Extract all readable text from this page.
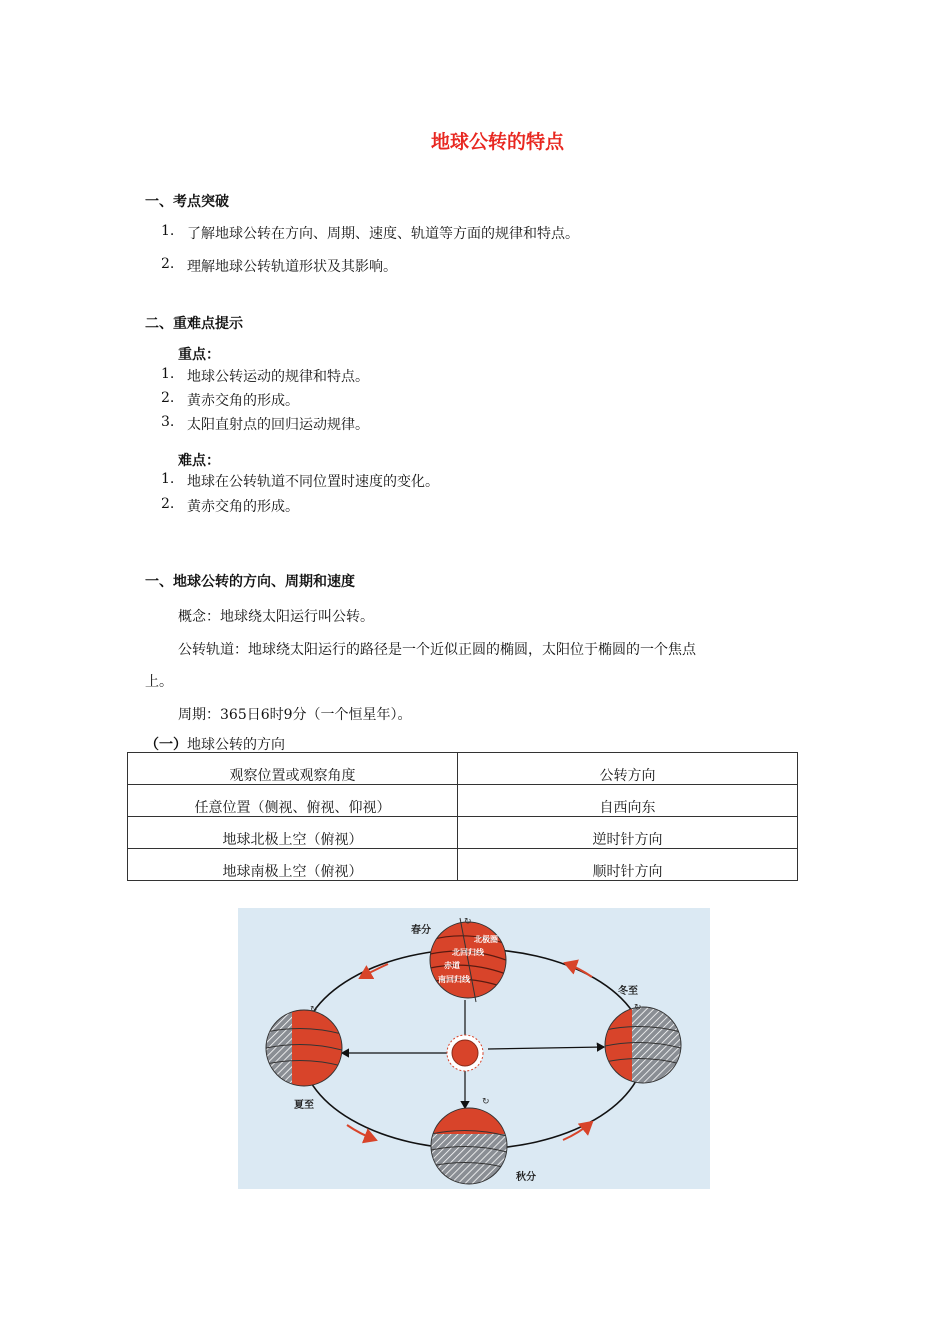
地球公转的特点
一、考点突破
1. 了解地球公转在方向、周期、速度、轨道等方面的规律和特点。
2. 理解地球公转轨道形状及其影响。
二、重难点提示
重点：
1. 地球公转运动的规律和特点。
2. 黄赤交角的形成。
3. 太阳直射点的回归运动规律。
难点：
1. 地球在公转轨道不同位置时速度的变化。
2. 黄赤交角的形成。
一、地球公转的方向、周期和速度
概念：地球绕太阳运行叫公转。
公转轨道：地球绕太阳运行的路径是一个近似正圆的椭圆，太阳位于椭圆的一个焦点
上。
周期：365日6时9分（一个恒星年）。
（一）地球公转的方向
观察位置或观察角度	公转方向
任意位置（侧视、俯视、仰视）	自西向东
地球北极上空（俯视）	逆时针方向
地球南极上空（俯视）	顺时针方向
↻
北极圈
北回归线
赤道
南回归线
春分
↻
夏至
↻
冬至
↻
秋分
